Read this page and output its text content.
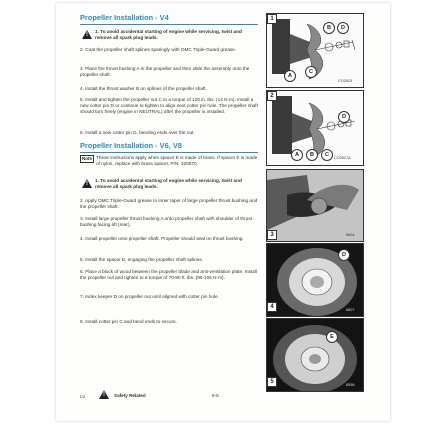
Propeller Installation - V4
!
1. To avoid accidental starting of engine while servicing, twist and remove all spark plug leads.
2. Coat the propeller shaft splines sparingly with OMC Triple-Guard grease.
3. Place the thrust bushing A in the propeller and then slide the assembly onto the propeller shaft.
4. Install the thrust washer B on splines of the propeller shaft.
5. Install and tighten the propeller nut C to a torque of 120 in. lbs. (14 N·m). Install a new cotter pin D or continue to tighten to align next cotter pin hole. The propeller shaft should turn freely (engine in NEUTRAL) after the propeller is installed.
6. Install a new cotter pin D, bending ends over the nut.
Propeller Installation - V6, V8
Note These instructions apply when spacer E is made of brass. If spacer E is made of nylon, replace with brass spacer, P/N: 320570.
!
1. To avoid accidental starting of engine while servicing, twist and remove all spark plug leads.
2. Apply OMC Triple-Guard grease to inner taper of large propeller thrust bushing and the propeller shaft.
3. Install large propeller thrust bushing A onto propeller shaft with shoulder of thrust bushing facing aft (rear).
4. Install propeller onto propeller shaft. Propeller should seat on thrust bushing.
5. Install the spacer E, engaging the propeller shaft splines.
6. Place a block of wood between the propeller blade and anti-ventilation plate. Install the propeller nut and tighten to a torque of 70-80 ft. lbs. (95-105 N·m).
7. Index keeper D on propeller nut until aligned with cotter pin hole.
8. Install cotter pin C and bend ends to secure.
1
A
C
B	D
CO2913
2
A	B	C
D
CO2917A
3	6604
D
4	6607
E
5	6598
LV	! Safety Related	6-5
